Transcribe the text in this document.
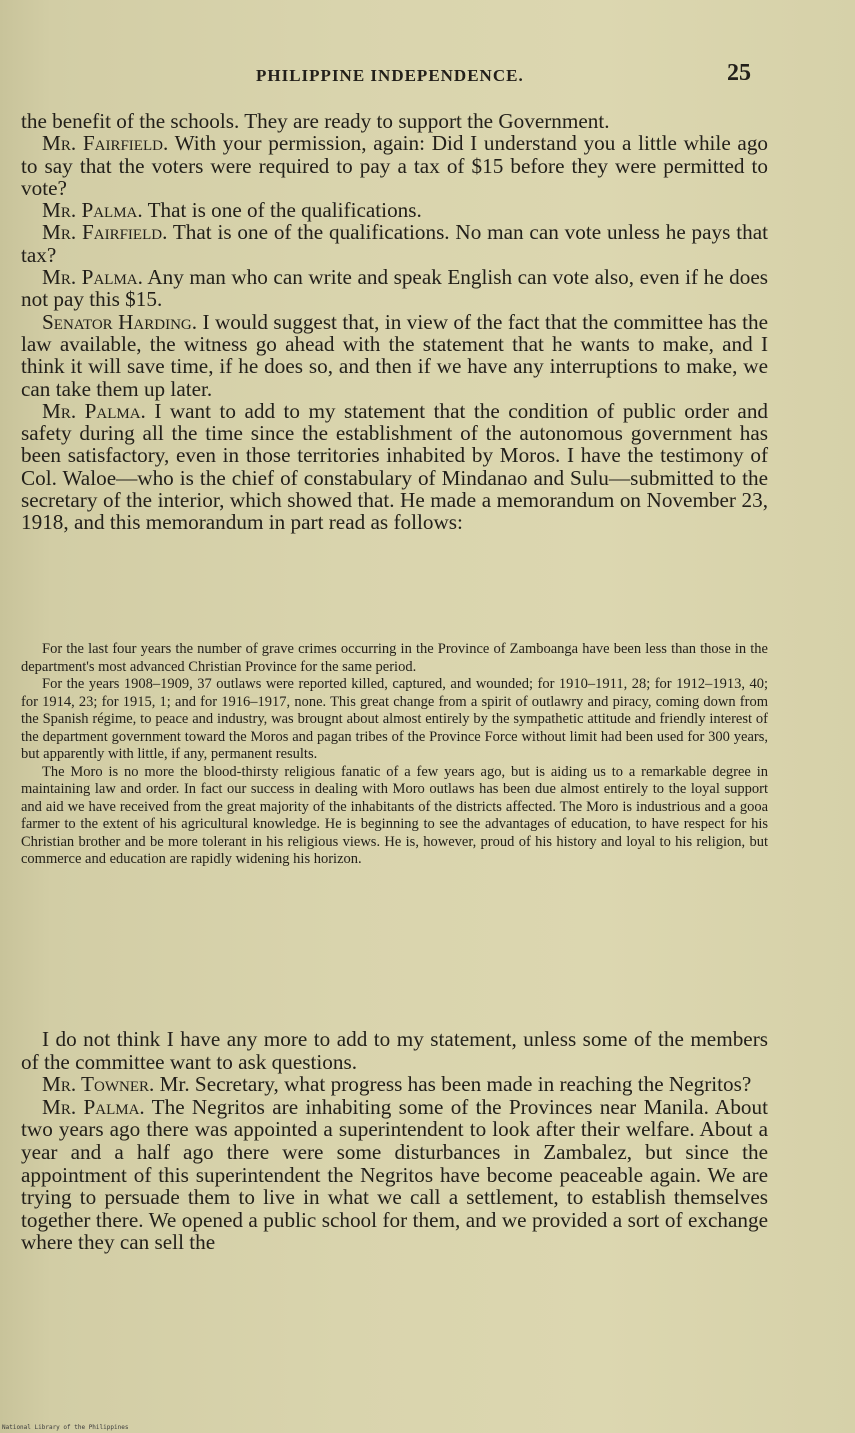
PHILIPPINE INDEPENDENCE.	25

the benefit of the schools. They are ready to support the Government.

Mr. Fairfield. With your permission, again: Did I understand you a little while ago to say that the voters were required to pay a tax of $15 before they were permitted to vote?

Mr. Palma. That is one of the qualifications.

Mr. Fairfield. That is one of the qualifications. No man can vote unless he pays that tax?

Mr. Palma. Any man who can write and speak English can vote also, even if he does not pay this $15.

Senator Harding. I would suggest that, in view of the fact that the committee has the law available, the witness go ahead with the statement that he wants to make, and I think it will save time, if he does so, and then if we have any interruptions to make, we can take them up later.

Mr. Palma. I want to add to my statement that the condition of public order and safety during all the time since the establishment of the autonomous government has been satisfactory, even in those territories inhabited by Moros. I have the testimony of Col. Waloe—who is the chief of constabulary of Mindanao and Sulu—submitted to the secretary of the interior, which showed that. He made a memorandum on November 23, 1918, and this memorandum in part read as follows:

For the last four years the number of grave crimes occurring in the Province of Zamboanga have been less than those in the department's most advanced Christian Province for the same period.

For the years 1908–1909, 37 outlaws were reported killed, captured, and wounded; for 1910–1911, 28; for 1912–1913, 40; for 1914, 23; for 1915, 1; and for 1916–1917, none. This great change from a spirit of outlawry and piracy, coming down from the Spanish régime, to peace and industry, was brougnt about almost entirely by the sympathetic attitude and friendly interest of the department government toward the Moros and pagan tribes of the Province Force without limit had been used for 300 years, but apparently with little, if any, permanent results.

The Moro is no more the blood-thirsty religious fanatic of a few years ago, but is aiding us to a remarkable degree in maintaining law and order. In fact our success in dealing with Moro outlaws has been due almost entirely to the loyal support and aid we have received from the great majority of the inhabitants of the districts affected. The Moro is industrious and a gooa farmer to the extent of his agricultural knowledge. He is beginning to see the advantages of education, to have respect for his Christian brother and be more tolerant in his religious views. He is, however, proud of his history and loyal to his religion, but commerce and education are rapidly widening his horizon.

I do not think I have any more to add to my statement, unless some of the members of the committee want to ask questions.

Mr. Towner. Mr. Secretary, what progress has been made in reaching the Negritos?

Mr. Palma. The Negritos are inhabiting some of the Provinces near Manila. About two years ago there was appointed a superintendent to look after their welfare. About a year and a half ago there were some disturbances in Zambalez, but since the appointment of this superintendent the Negritos have become peaceable again. We are trying to persuade them to live in what we call a settlement, to establish themselves together there. We opened a public school for them, and we provided a sort of exchange where they can sell the

National Library of the Philippines
